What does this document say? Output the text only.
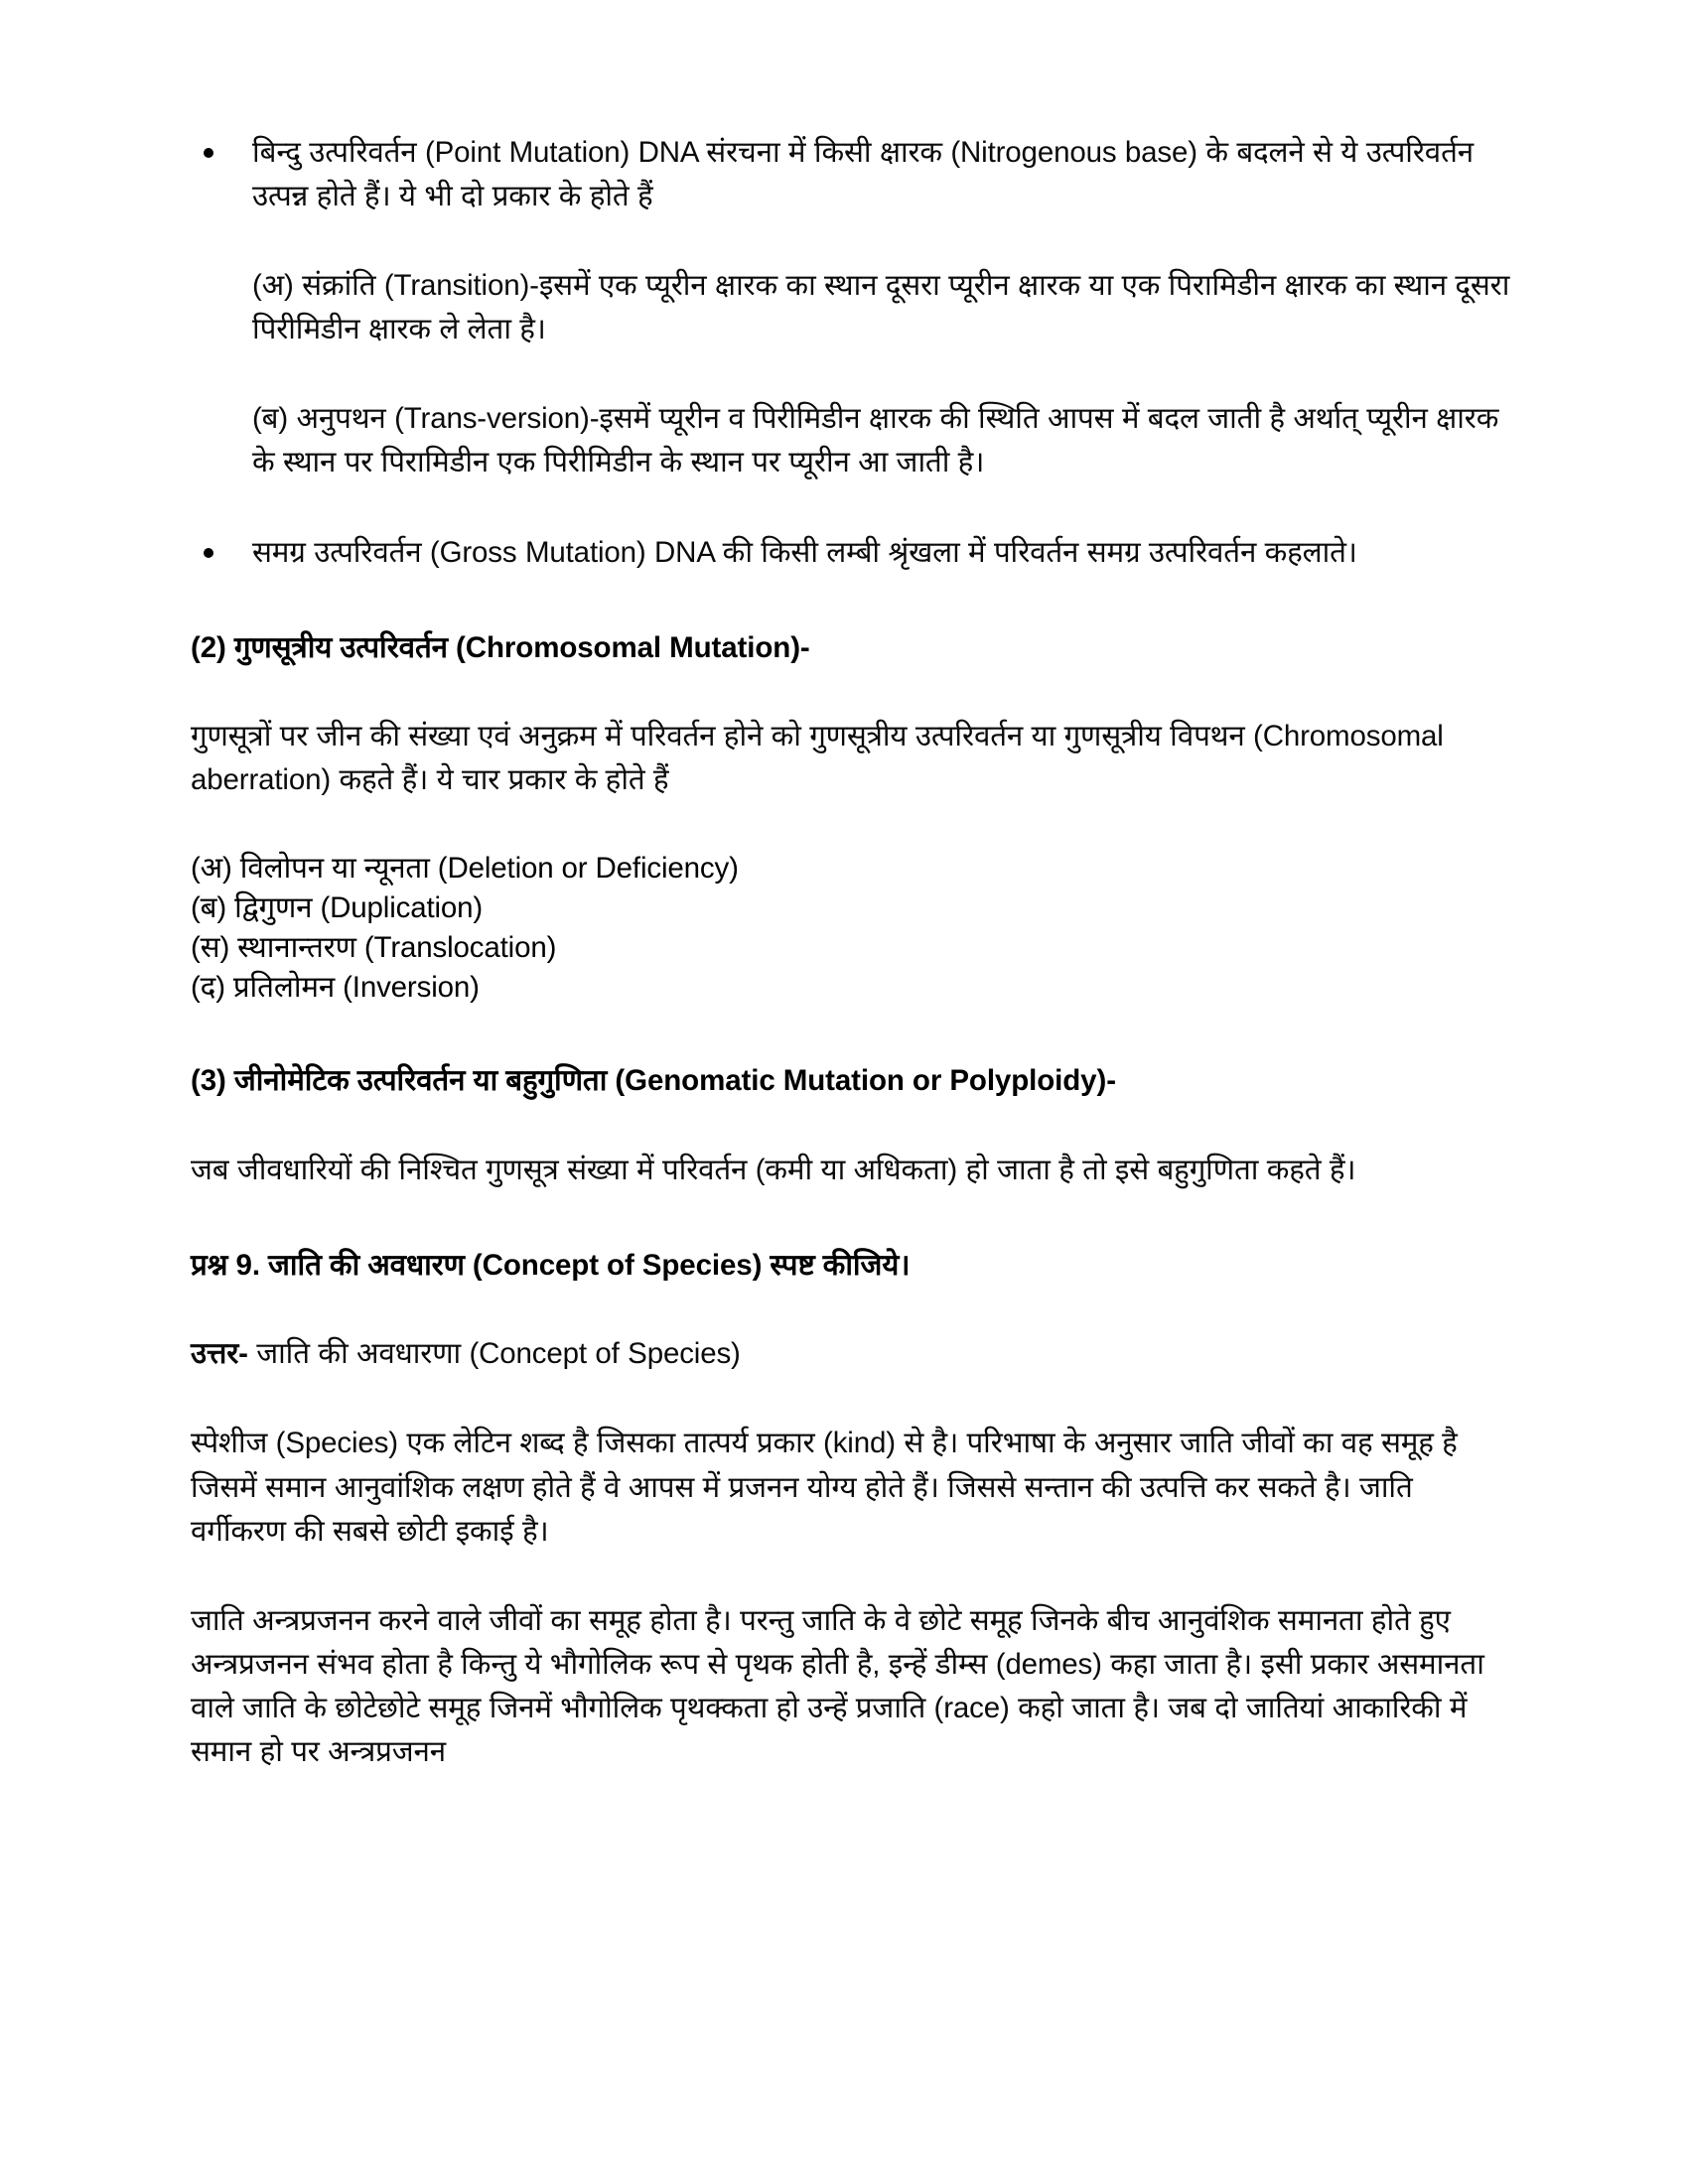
बिन्दु उत्परिवर्तन (Point Mutation) DNA संरचना में किसी क्षारक (Nitrogenous base) के बदलने से ये उत्परिवर्तन उत्पन्न होते हैं। ये भी दो प्रकार के होते हैं

(अ) संक्रांति (Transition)-इसमें एक प्यूरीन क्षारक का स्थान दूसरा प्यूरीन क्षारक या एक पिरामिडीन क्षारक का स्थान दूसरा पिरीमिडीन क्षारक ले लेता है।

(ब) अनुपथन (Trans-version)-इसमें प्यूरीन व पिरीमिडीन क्षारक की स्थिति आपस में बदल जाती है अर्थात् प्यूरीन क्षारक के स्थान पर पिरामिडीन एक पिरीमिडीन के स्थान पर प्यूरीन आ जाती है।

समग्र उत्परिवर्तन (Gross Mutation) DNA की किसी लम्बी श्रृंखला में परिवर्तन समग्र उत्परिवर्तन कहलाते।
(2) गुणसूत्रीय उत्परिवर्तन (Chromosomal Mutation)-

गुणसूत्रों पर जीन की संख्या एवं अनुक्रम में परिवर्तन होने को गुणसूत्रीय उत्परिवर्तन या गुणसूत्रीय विपथन (Chromosomal aberration) कहते हैं। ये चार प्रकार के होते हैं

(अ) विलोपन या न्यूनता (Deletion or Deficiency)
(ब) द्विगुणन (Duplication)
(स) स्थानान्तरण (Translocation)
(द) प्रतिलोमन (Inversion)
(3) जीनोमेटिक उत्परिवर्तन या बहुगुणिता (Genomatic Mutation or Polyploidy)-

जब जीवधारियों की निश्चित गुणसूत्र संख्या में परिवर्तन (कमी या अधिकता) हो जाता है तो इसे बहुगुणिता कहते हैं।

प्रश्न 9. जाति की अवधारण (Concept of Species) स्पष्ट कीजिये।

उत्तर- जाति की अवधारणा (Concept of Species)

स्पेशीज (Species) एक लेटिन शब्द है जिसका तात्पर्य प्रकार (kind) से है। परिभाषा के अनुसार जाति जीवों का वह समूह है जिसमें समान आनुवांशिक लक्षण होते हैं वे आपस में प्रजनन योग्य होते हैं। जिससे सन्तान की उत्पत्ति कर सकते है। जाति वर्गीकरण की सबसे छोटी इकाई है।

जाति अन्त्रप्रजनन करने वाले जीवों का समूह होता है। परन्तु जाति के वे छोटे समूह जिनके बीच आनुवंशिक समानता होते हुए अन्त्रप्रजनन संभव होता है किन्तु ये भौगोलिक रूप से पृथक होती है, इन्हें डीम्स (demes) कहा जाता है। इसी प्रकार असमानता वाले जाति के छोटेछोटे समूह जिनमें भौगोलिक पृथक्कता हो उन्हें प्रजाति (race) कहो जाता है। जब दो जातियां आकारिकी में समान हो पर अन्त्रप्रजनन
